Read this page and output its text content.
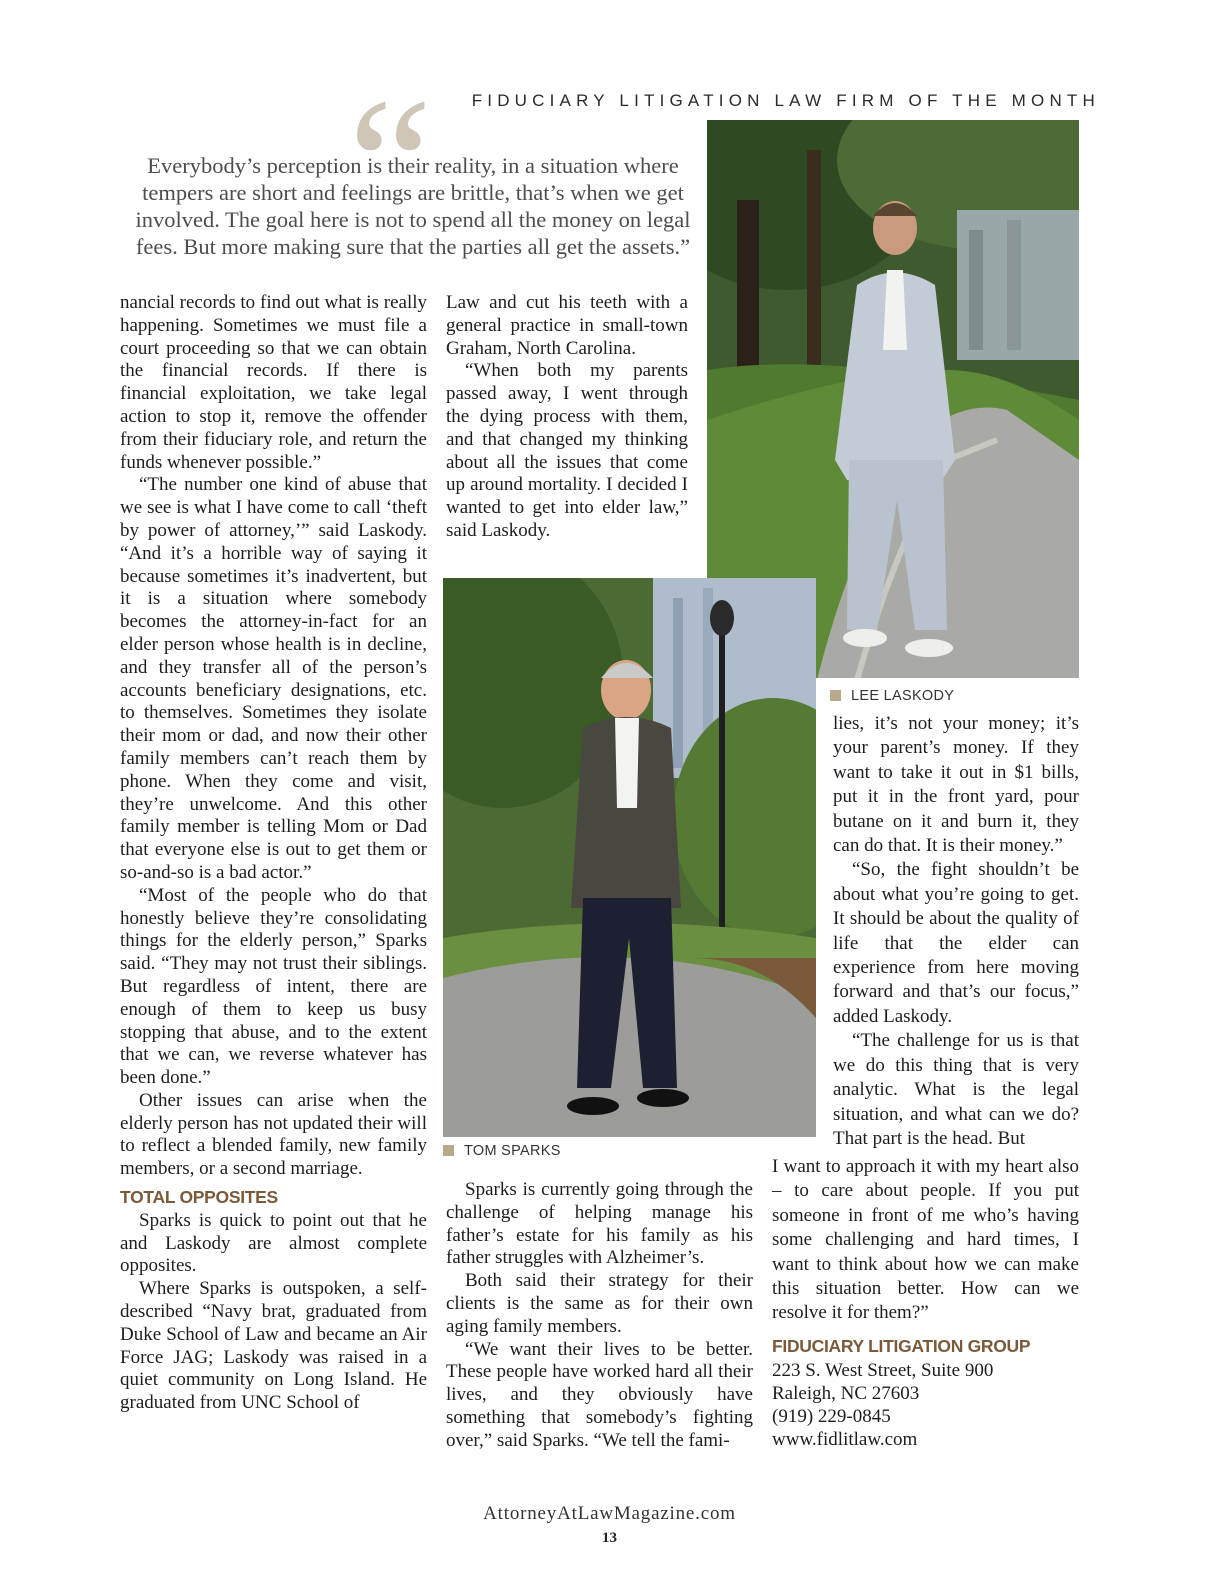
FIDUCIARY LITIGATION LAW FIRM OF THE MONTH
“
Everybody’s perception is their reality, in a situation where tempers are short and feelings are brittle, that’s when we get involved. The goal here is not to spend all the money on legal fees. But more making sure that the parties all get the assets.”
LEE LASKODY
TOM SPARKS

nancial records to find out what is really happening. Sometimes we must file a court proceeding so that we can obtain the financial records. If there is financial exploitation, we take legal action to stop it, remove the offender from their fiduciary role, and return the funds whenever possible.”

“The number one kind of abuse that we see is what I have come to call ‘theft by power of attorney,’” said Laskody. “And it’s a horrible way of saying it because sometimes it’s inadvertent, but it is a situation where somebody becomes the attorney-in-fact for an elder person whose health is in decline, and they transfer all of the person’s accounts beneficiary designations, etc. to themselves. Sometimes they isolate their mom or dad, and now their other family members can’t reach them by phone. When they come and visit, they’re unwelcome. And this other family member is telling Mom or Dad that everyone else is out to get them or so-and-so is a bad actor.”

“Most of the people who do that honestly believe they’re consolidating things for the elderly person,” Sparks said. “They may not trust their siblings. But regardless of intent, there are enough of them to keep us busy stopping that abuse, and to the extent that we can, we reverse whatever has been done.”

Other issues can arise when the elderly person has not updated their will to reflect a blended family, new family members, or a second marriage.

TOTAL OPPOSITES

Sparks is quick to point out that he and Laskody are almost complete opposites.

Where Sparks is outspoken, a self-described “Navy brat, graduated from Duke School of Law and became an Air Force JAG; Laskody was raised in a quiet community on Long Island. He graduated from UNC School of

Law and cut his teeth with a general practice in small-town Graham, North Carolina.

“When both my parents passed away, I went through the dying process with them, and that changed my thinking about all the issues that come up around mortality. I decided I wanted to get into elder law,” said Laskody.

Sparks is currently going through the challenge of helping manage his father’s estate for his family as his father struggles with Alzheimer’s.

Both said their strategy for their clients is the same as for their own aging family members.

“We want their lives to be better. These people have worked hard all their lives, and they obviously have something that somebody’s fighting over,” said Sparks. “We tell the fami-

lies, it’s not your money; it’s your parent’s money. If they want to take it out in $1 bills, put it in the front yard, pour butane on it and burn it, they can do that. It is their money.”

“So, the fight shouldn’t be about what you’re going to get. It should be about the quality of life that the elder can experience from here moving forward and that’s our focus,” added Laskody.

“The challenge for us is that we do this thing that is very analytic. What is the legal situation, and what can we do? That part is the head. But

I want to approach it with my heart also – to care about people. If you put someone in front of me who’s having some challenging and hard times, I want to think about how we can make this situation better. How can we resolve it for them?”

FIDUCIARY LITIGATION GROUP
223 S. West Street, Suite 900
Raleigh, NC 27603
(919) 229-0845
www.fidlitlaw.com
AttorneyAtLawMagazine.com
13
